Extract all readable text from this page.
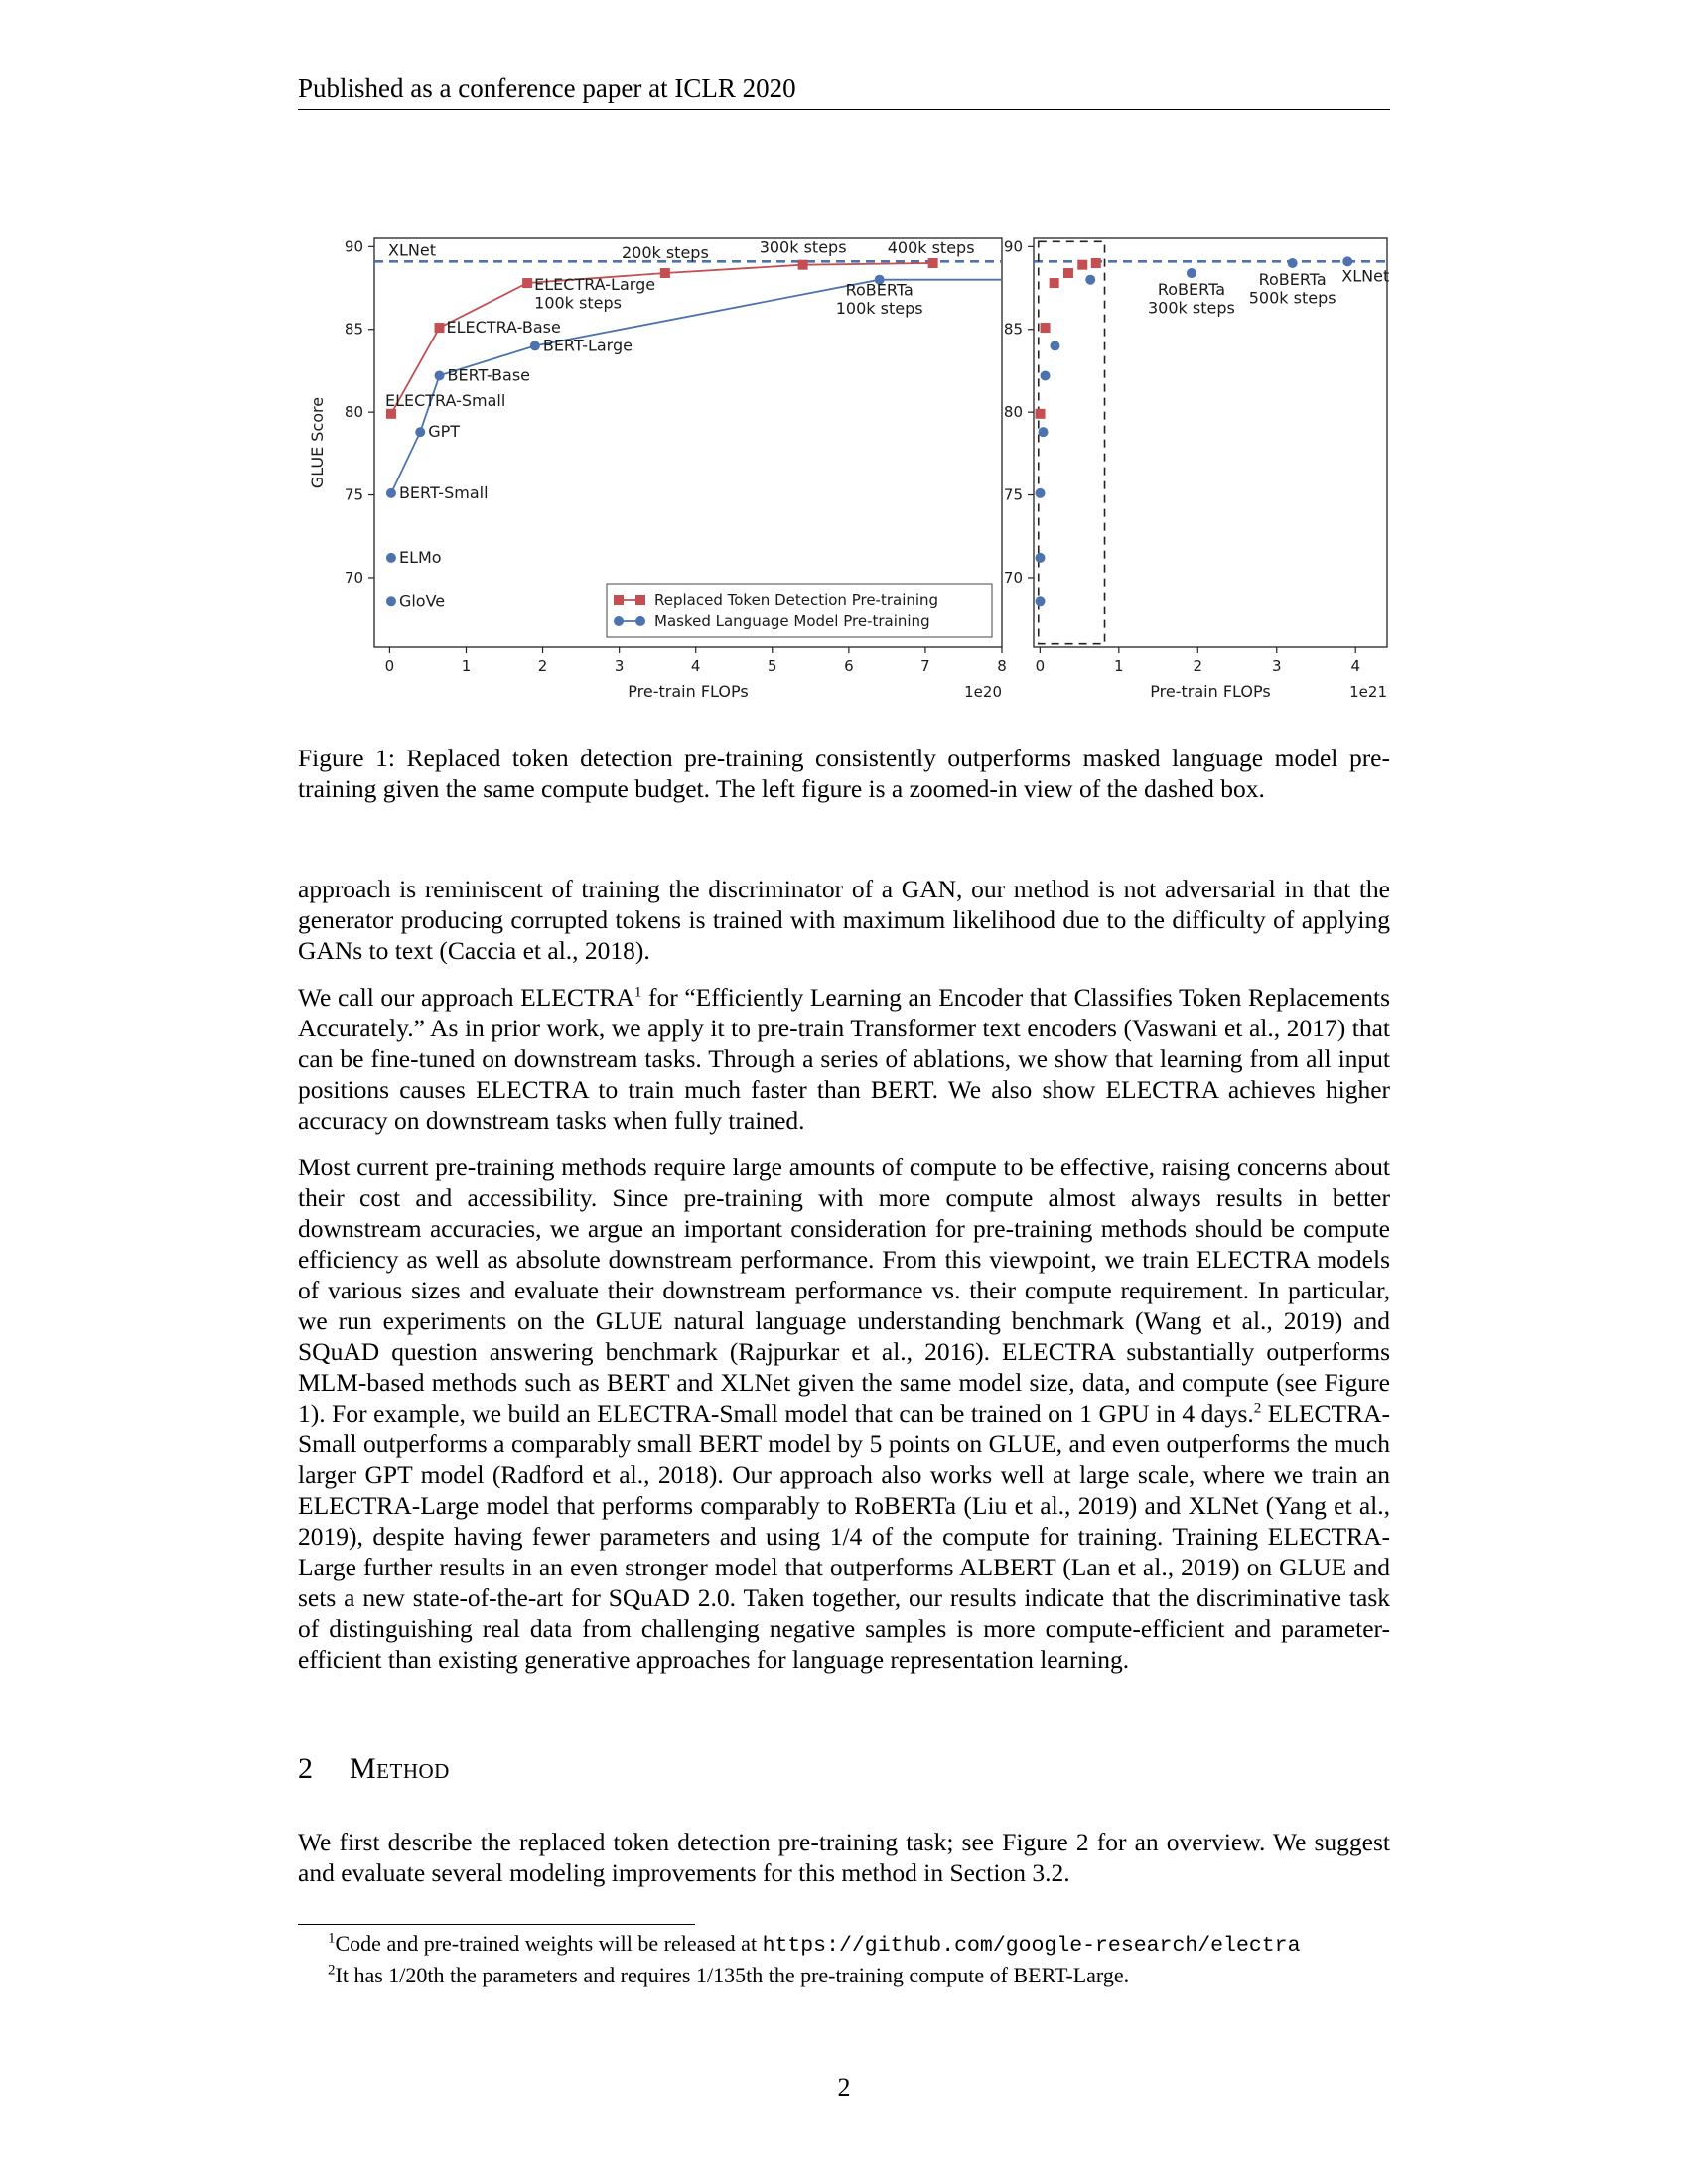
Published as a conference paper at ICLR 2020
0	1	2	3	4	5	6	7	8
70
75
80
85
90
Pre-train FLOPs	1e20
GLUE Score
XLNet
ELECTRA-Small
ELECTRA-Base
ELECTRA-Large 100k steps
200k steps	300k steps	400k steps
BERT-Small
GPT
BERT-Base
BERT-Large
RoBERTa 100k steps
ELMo
GloVe	Replaced Token Detection Pre-training
Masked Language Model Pre-training
0	1	2	3	4
70
75
80
85
90
Pre-train FLOPs	1e21
RoBERTa 300k steps
RoBERTa 500k steps
XLNet
Figure 1: Replaced token detection pre-training consistently outperforms masked language model pre-training given the same compute budget. The left figure is a zoomed-in view of the dashed box.

approach is reminiscent of training the discriminator of a GAN, our method is not adversarial in that the generator producing corrupted tokens is trained with maximum likelihood due to the difficulty of applying GANs to text (Caccia et al., 2018).

We call our approach ELECTRA$^1$ for “Efficiently Learning an Encoder that Classifies Token Replacements Accurately.” As in prior work, we apply it to pre-train Transformer text encoders (Vaswani et al., 2017) that can be fine-tuned on downstream tasks. Through a series of ablations, we show that learning from all input positions causes ELECTRA to train much faster than BERT. We also show ELECTRA achieves higher accuracy on downstream tasks when fully trained.

Most current pre-training methods require large amounts of compute to be effective, raising concerns about their cost and accessibility. Since pre-training with more compute almost always results in better downstream accuracies, we argue an important consideration for pre-training methods should be compute efficiency as well as absolute downstream performance. From this viewpoint, we train ELECTRA models of various sizes and evaluate their downstream performance vs. their compute requirement. In particular, we run experiments on the GLUE natural language understanding benchmark (Wang et al., 2019) and SQuAD question answering benchmark (Rajpurkar et al., 2016). ELECTRA substantially outperforms MLM-based methods such as BERT and XLNet given the same model size, data, and compute (see Figure 1). For example, we build an ELECTRA-Small model that can be trained on 1 GPU in 4 days.$^2$ ELECTRA-Small outperforms a comparably small BERT model by 5 points on GLUE, and even outperforms the much larger GPT model (Radford et al., 2018). Our approach also works well at large scale, where we train an ELECTRA-Large model that performs comparably to RoBERTa (Liu et al., 2019) and XLNet (Yang et al., 2019), despite having fewer parameters and using 1/4 of the compute for training. Training ELECTRA-Large further results in an even stronger model that outperforms ALBERT (Lan et al., 2019) on GLUE and sets a new state-of-the-art for SQuAD 2.0. Taken together, our results indicate that the discriminative task of distinguishing real data from challenging negative samples is more compute-efficient and parameter-efficient than existing generative approaches for language representation learning.

2 Method
We first describe the replaced token detection pre-training task; see Figure 2 for an overview. We suggest and evaluate several modeling improvements for this method in Section 3.2.

$^1$Code and pre-trained weights will be released at https://github.com/google-research/electra

$^2$It has 1/20th the parameters and requires 1/135th the pre-training compute of BERT-Large.

2
